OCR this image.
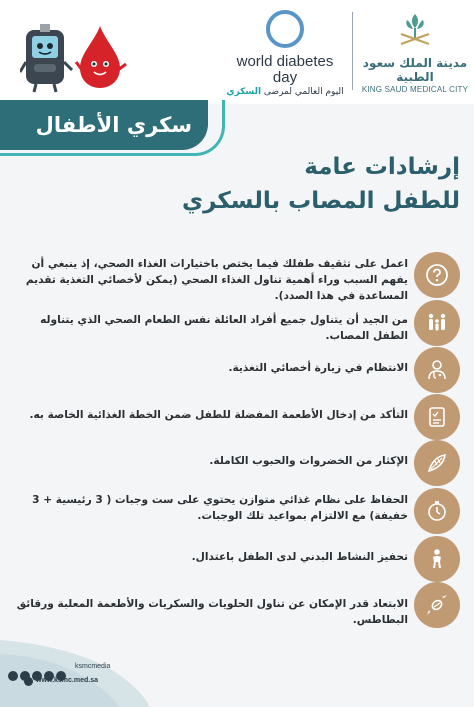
world diabetes day
اليوم العالمي لمرضى السكري
مدينة الملك سعود الطبية
KING SAUD MEDICAL CITY
سكري الأطفال
إرشادات عامة
للطفل المصاب بالسكري
اعمل على تثقيف طفلك فيما يختص باختيارات الغذاء الصحي، إذ ينبغي أن يفهم السبب وراء أهمية تناول الغذاء الصحي (يمكن لأخصائي التغذية تقديم المساعدة في هذا الصدد).
من الجيد أن يتناول جميع أفراد العائلة نفس الطعام الصحي الذي يتناوله الطفل المصاب.
الانتظام في زيارة أخصائي التغذية.
التأكد من إدخال الأطعمة المفضلة للطفل ضمن الخطة الغذائية الخاصة به.
الإكثار من الخضروات والحبوب الكاملة.
الحفاظ على نظام غذائي متوازن يحتوي على ست وجبات ( 3 رئيسية + 3 خفيفة) مع الالتزام بمواعيد تلك الوجبات.
تحفيز النشاط البدني لدى الطفل باعتدال.
الابتعاد قدر الإمكان عن تناول الحلويات والسكريات والأطعمة المعلبة ورقائق البطاطس.
ksmcmedia
www.ksmc.med.sa
